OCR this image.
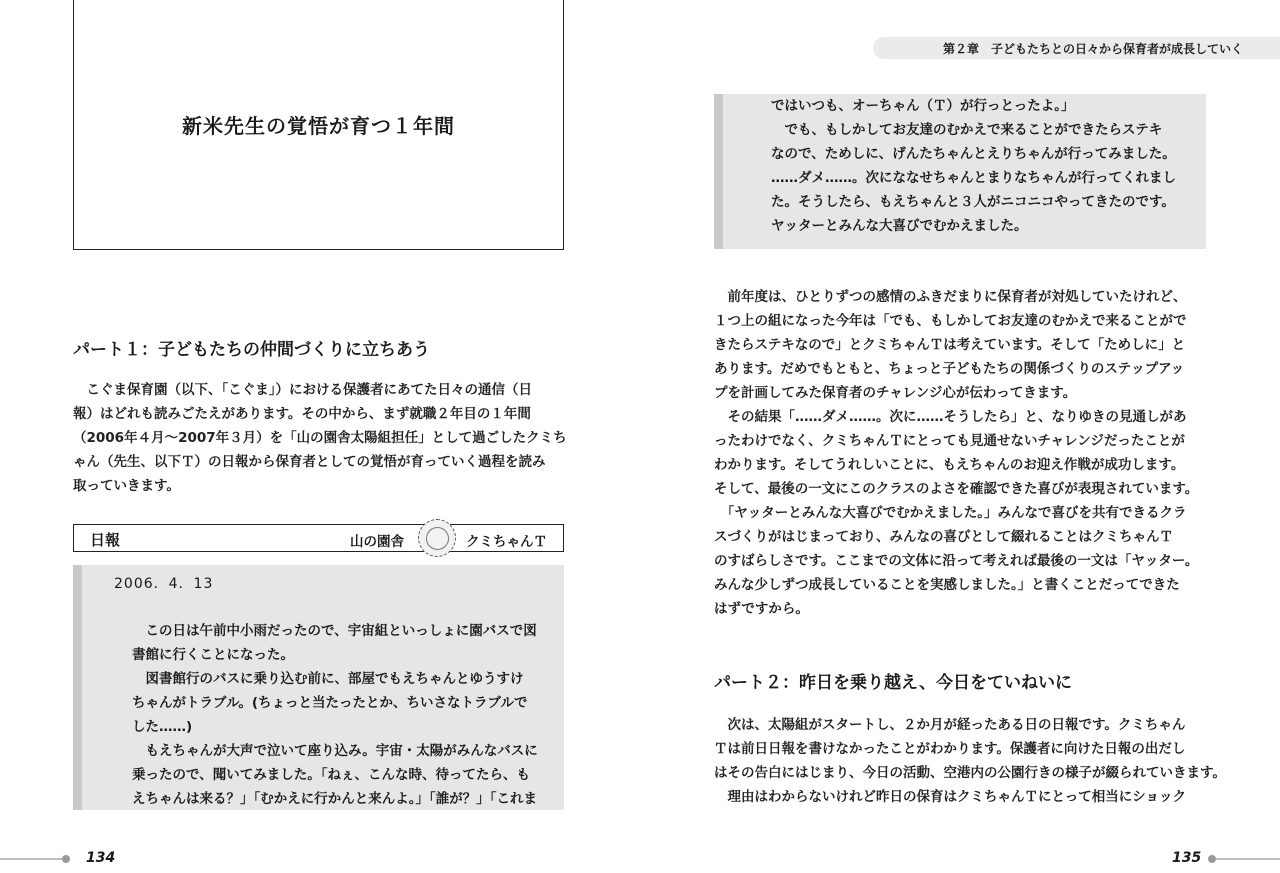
新米先生の覚悟が育つ１年間
パート１：子どもたちの仲間づくりに立ちあう

　こぐま保育園（以下、「こぐま」）における保護者にあてた日々の通信（日

報）はどれも読みごたえがあります。その中から、まず就職２年目の１年間

（2006年４月～2007年３月）を「山の園舎太陽組担任」として過ごしたクミち

ゃん（先生、以下Ｔ）の日報から保育者としての覚悟が育っていく過程を読み

取っていきます。

日報	山の園舎	クミちゃんＴ
2006．4．13

　この日は午前中小雨だったので、宇宙組といっしょに園バスで図

書館に行くことになった。

　図書館行のバスに乗り込む前に、部屋でもえちゃんとゆうすけ

ちゃんがトラブル。(ちょっと当たったとか、ちいさなトラブルで

した……)

　もえちゃんが大声で泣いて座り込み。宇宙・太陽がみんなバスに

乗ったので、聞いてみました。「ねぇ、こんな時、待ってたら、も

えちゃんは来る？」「むかえに行かんと来んよ。」「誰が？」「これま

134
第２章　子どもたちとの日々から保育者が成長していく

ではいつも、オーちゃん（Ｔ）が行っとったよ。」

　でも、もしかしてお友達のむかえで来ることができたらステキ

なので、ためしに、げんたちゃんとえりちゃんが行ってみました。

……ダメ……。次にななせちゃんとまりなちゃんが行ってくれまし

た。そうしたら、もえちゃんと３人がニコニコやってきたのです。

ヤッターとみんな大喜びでむかえました。

　前年度は、ひとりずつの感情のふきだまりに保育者が対処していたけれど、

１つ上の組になった今年は「でも、もしかしてお友達のむかえで来ることがで

きたらステキなので」とクミちゃんＴは考えています。そして「ためしに」と

あります。だめでもともと、ちょっと子どもたちの関係づくりのステップアッ

プを計画してみた保育者のチャレンジ心が伝わってきます。

　その結果「……ダメ……。次に……そうしたら」と、なりゆきの見通しがあ

ったわけでなく、クミちゃんＴにとっても見通せないチャレンジだったことが

わかります。そしてうれしいことに、もえちゃんのお迎え作戦が成功します。

そして、最後の一文にこのクラスのよさを確認できた喜びが表現されています。

　「ヤッターとみんな大喜びでむかえました。」みんなで喜びを共有できるクラ

スづくりがはじまっており、みんなの喜びとして綴れることはクミちゃんＴ

のすばらしさです。ここまでの文体に沿って考えれば最後の一文は「ヤッター。

みんな少しずつ成長していることを実感しました。」と書くことだってできた

はずですから。

パート２：昨日を乗り越え、今日をていねいに

　次は、太陽組がスタートし、２か月が経ったある日の日報です。クミちゃん

Ｔは前日日報を書けなかったことがわかります。保護者に向けた日報の出だし

はその告白にはじまり、今日の活動、空港内の公園行きの様子が綴られていきます。

　理由はわからないけれど昨日の保育はクミちゃんＴにとって相当にショック

135
